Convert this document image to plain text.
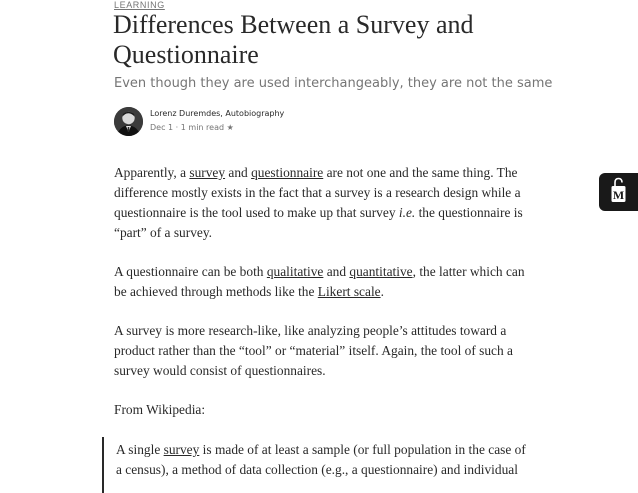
LEARNING
Differences Between a Survey and Questionnaire

Even though they are used interchangeably, they are not the same

Lorenz Duremdes, Autobiography
Dec 1 · 1 min read ★

Apparently, a survey and questionnaire are not one and the same thing. The difference mostly exists in the fact that a survey is a research design while a questionnaire is the tool used to make up that survey i.e. the questionnaire is “part” of a survey.

A questionnaire can be both qualitative and quantitative, the latter which can be achieved through methods like the Likert scale.

A survey is more research-like, like analyzing people’s attitudes toward a product rather than the “tool” or “material” itself. Again, the tool of such a survey would consist of questionnaires.

From Wikipedia:

A single survey is made of at least a sample (or full population in the case of a census), a method of data collection (e.g., a questionnaire) and individual

M
